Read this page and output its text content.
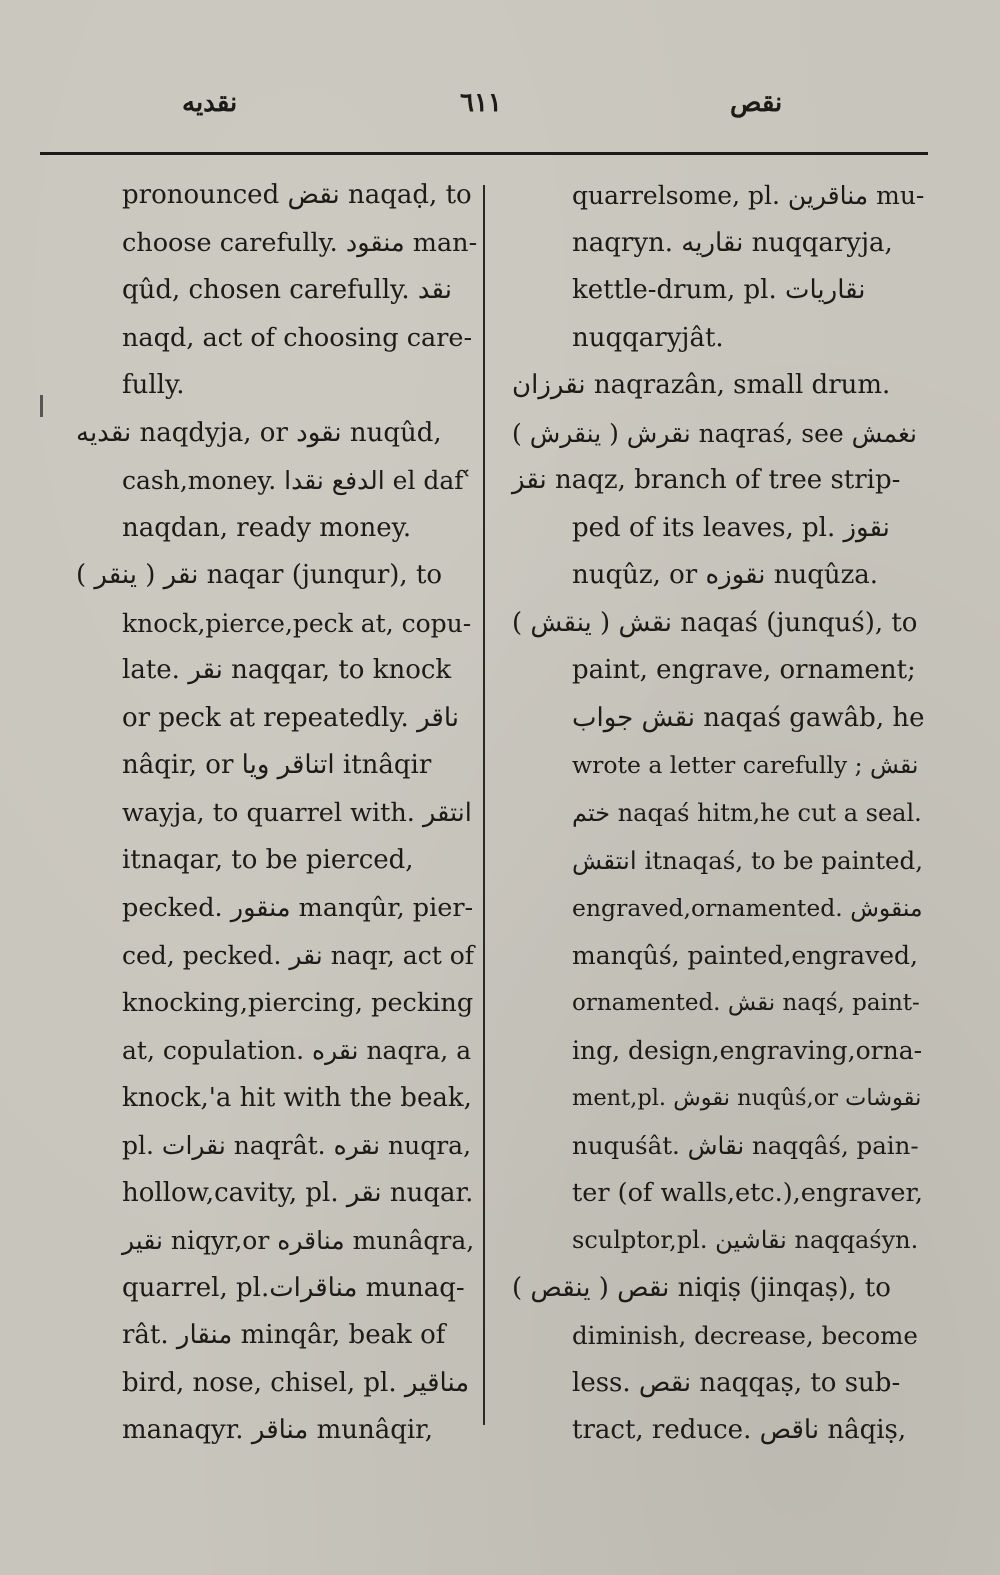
نقدیه	٦١١	نقص
pronounced نقض naqaḍ, to
choose carefully. منقود man-
qûd, chosen carefully. نقد
naqd, act of choosing care-
fully.
نقدیه naqdyja, or نقود nuqûd,
cash,money. الدفع نقدا el dafʿ
naqdan, ready money.
نقر ( ینقر ) naqar (junqur), to
knock,pierce,peck at, copu-
late. نقر naqqar, to knock
or peck at repeatedly. ناقر
nâqir, or اتناقر ویا itnâqir
wayja, to quarrel with. انتقر
itnaqar, to be pierced,
pecked. منقور manqûr, pier-
ced, pecked. نقر naqr, act of
knocking,piercing, pecking
at, copulation. نقره naqra, a
knock,'a hit with the beak,
pl. نقرات naqrât. نقره nuqra,
hollow,cavity, pl. نقر nuqar.
نقیر niqyr,or مناقره munâqra,
quarrel, pl.مناقرات munaq-
rât. منقار minqâr, beak of
bird, nose, chisel, pl. مناقیر
manaqyr. مناقر munâqir,
quarrelsome, pl. مناقرین mu-
naqryn. نقاریه nuqqaryja,
kettle-drum, pl. نقاریات
nuqqaryjât.
نقرزان naqrazân, small drum.
نقرش ( ینقرش ) naqraś, see نغمش
نقز naqz, branch of tree strip-
ped of its leaves, pl. نقوز
nuqûz, or نقوزه nuqûza.
نقش ( ینقش ) naqaś (junquś), to
paint, engrave, ornament;
نقش جواب naqaś gawâb, he
wrote a letter carefully ; نقش
ختم naqaś hitm,he cut a seal.
انتقش itnaqaś, to be painted,
engraved,ornamented. منقوش
manqûś, painted,engraved,
ornamented. نقش naqś, paint-
ing, design,engraving,orna-
ment,pl. نقوش nuqûś,or نقوشات
nuquśât. نقاش naqqâś, pain-
ter (of walls,etc.),engraver,
sculptor,pl. نقاشین naqqaśyn.
نقص ( ینقص ) niqiṣ (jinqaṣ), to
diminish, decrease, become
less. نقص naqqaṣ, to sub-
tract, reduce. ناقص nâqiṣ,
